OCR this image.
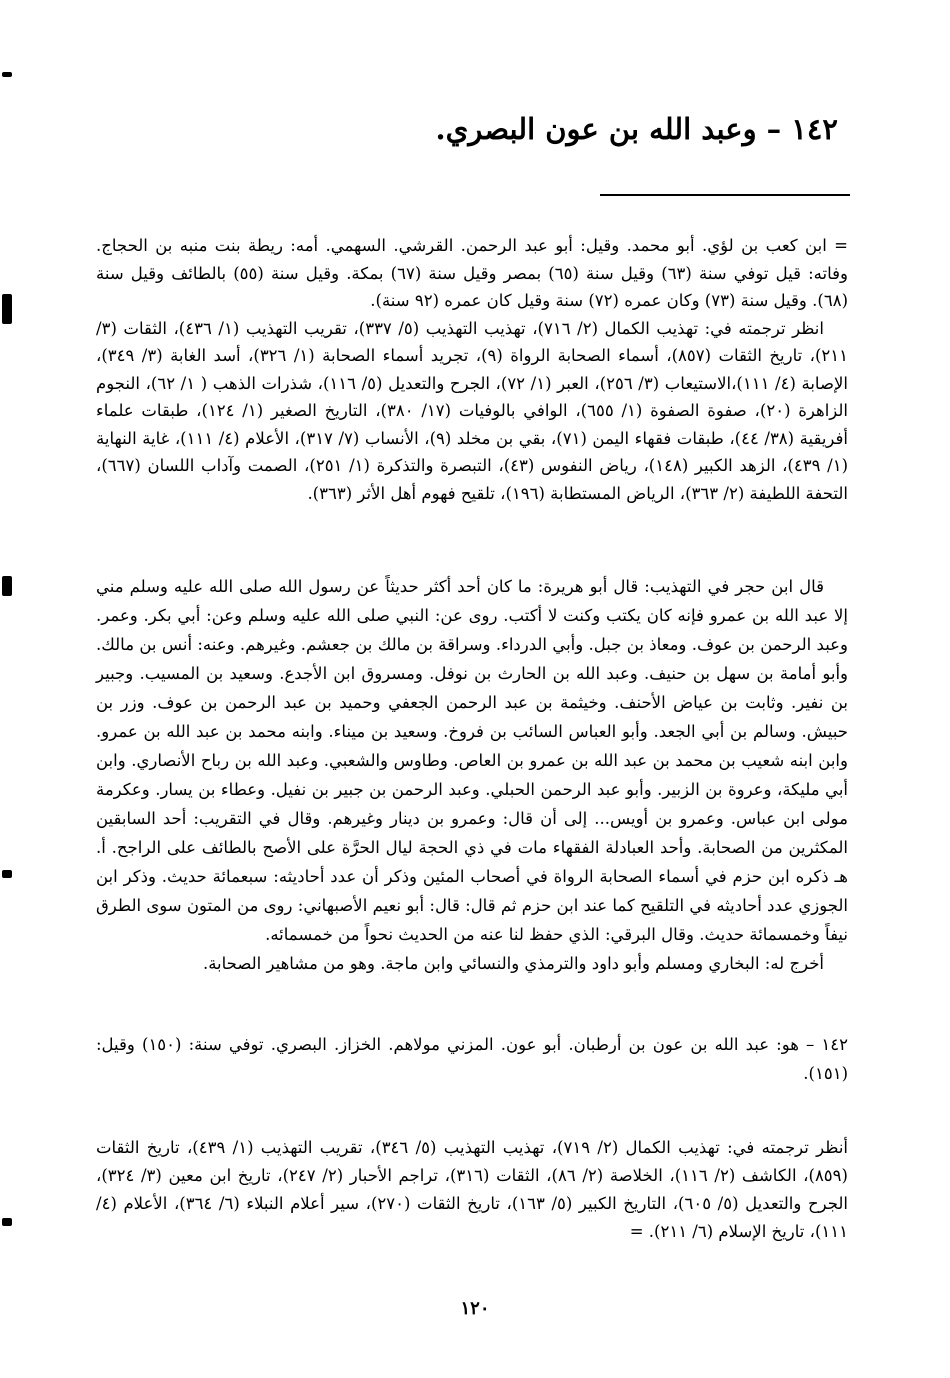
١٤٢ – وعبد الله بن عون البصري.

= ابن كعب بن لؤي. أبو محمد. وقيل: أبو عبد الرحمن. القرشي. السهمي. أمه: ريطة بنت منبه بن الحجاج. وفاته: قيل توفي سنة (٦٣) وقيل سنة (٦٥) بمصر وقيل سنة (٦٧) بمكة. وقيل سنة (٥٥) بالطائف وقيل سنة (٦٨). وقيل سنة (٧٣) وكان عمره (٧٢) سنة وقيل كان عمره (٩٢ سنة).

انظر ترجمته في: تهذيب الكمال (٢/ ٧١٦)، تهذيب التهذيب (٥/ ٣٣٧)، تقريب التهذيب (١/ ٤٣٦)، الثقات (٣/ ٢١١)، تاريخ الثقات (٨٥٧)، أسماء الصحابة الرواة (٩)، تجريد أسماء الصحابة (١/ ٣٢٦)، أسد الغابة (٣/ ٣٤٩)، الإصابة (٤/ ١١١)،الاستيعاب (٣/ ٢٥٦)، العبر (١/ ٧٢)، الجرح والتعديل (٥/ ١١٦)، شذرات الذهب ( ١/ ٦٢)، النجوم الزاهرة (٢٠)، صفوة الصفوة (١/ ٦٥٥)، الوافي بالوفيات (١٧/ ٣٨٠)، التاريخ الصغير (١/ ١٢٤)، طبقات علماء أفريقية (٣٨/ ٤٤)، طبقات فقهاء اليمن (٧١)، بقي بن مخلد (٩)، الأنساب (٧/ ٣١٧)، الأعلام (٤/ ١١١)، غاية النهاية (١/ ٤٣٩)، الزهد الكبير (١٤٨)، رياض النفوس (٤٣)، التبصرة والتذكرة (١/ ٢٥١)، الصمت وآداب اللسان (٦٦٧)، التحفة اللطيفة (٢/ ٣٦٣)، الرياض المستطابة (١٩٦)، تلقيح فهوم أهل الأثر (٣٦٣).

قال ابن حجر في التهذيب: قال أبو هريرة: ما كان أحد أكثر حديثاً عن رسول الله صلى الله عليه وسلم مني إلا عبد الله بن عمرو فإنه كان يكتب وكنت لا أكتب. روى عن: النبي صلى الله عليه وسلم وعن: أبي بكر. وعمر. وعبد الرحمن بن عوف. ومعاذ بن جبل. وأبي الدرداء. وسراقة بن مالك بن جعشم. وغيرهم. وعنه: أنس بن مالك. وأبو أمامة بن سهل بن حنيف. وعبد الله بن الحارث بن نوفل. ومسروق ابن الأجدع. وسعيد بن المسيب. وجبير بن نفير. وثابت بن عياض الأحنف. وخيثمة بن عبد الرحمن الجعفي وحميد بن عبد الرحمن بن عوف. وزر بن حبيش. وسالم بن أبي الجعد. وأبو العباس السائب بن فروخ. وسعيد بن ميناء. وابنه محمد بن عبد الله بن عمرو. وابن ابنه شعيب بن محمد بن عبد الله بن عمرو بن العاص. وطاوس والشعبي. وعبد الله بن رباح الأنصاري. وابن أبي مليكة، وعروة بن الزبير. وأبو عبد الرحمن الحبلي. وعبد الرحمن بن جبير بن نفيل. وعطاء بن يسار. وعكرمة مولى ابن عباس. وعمرو بن أويس... إلى أن قال: وعمرو بن دينار وغيرهم. وقال في التقريب: أحد السابقين المكثرين من الصحابة. وأحد العبادلة الفقهاء مات في ذي الحجة ليال الحرَّة على الأصح بالطائف على الراجح. أ. هـ ذكره ابن حزم في أسماء الصحابة الرواة في أصحاب المئين وذكر أن عدد أحاديثه: سبعمائة حديث. وذكر ابن الجوزي عدد أحاديثه في التلقيح كما عند ابن حزم ثم قال: قال: أبو نعيم الأصبهاني: روى من المتون سوى الطرق نيفاً وخمسمائة حديث. وقال البرقي: الذي حفظ لنا عنه من الحديث نحواً من خمسمائه.

أخرج له: البخاري ومسلم وأبو داود والترمذي والنسائي وابن ماجة. وهو من مشاهير الصحابة.

١٤٢ – هو: عبد الله بن عون بن أرطبان. أبو عون. المزني مولاهم. الخزاز. البصري. توفي سنة: (١٥٠) وقيل: (١٥١).

أنظر ترجمته في: تهذيب الكمال (٢/ ٧١٩)، تهذيب التهذيب (٥/ ٣٤٦)، تقريب التهذيب (١/ ٤٣٩)، تاريخ الثقات (٨٥٩)، الكاشف (٢/ ١١٦)، الخلاصة (٢/ ٨٦)، الثقات (٣١٦)، تراجم الأحبار (٢/ ٢٤٧)، تاريخ ابن معين (٣/ ٣٢٤)، الجرح والتعديل (٥/ ٦٠٥)، التاريخ الكبير (٥/ ١٦٣)، تاريخ الثقات (٢٧٠)، سير أعلام النبلاء (٦/ ٣٦٤)، الأعلام (٤/ ١١١)، تاريخ الإسلام (٦/ ٢١١). =

١٢٠
